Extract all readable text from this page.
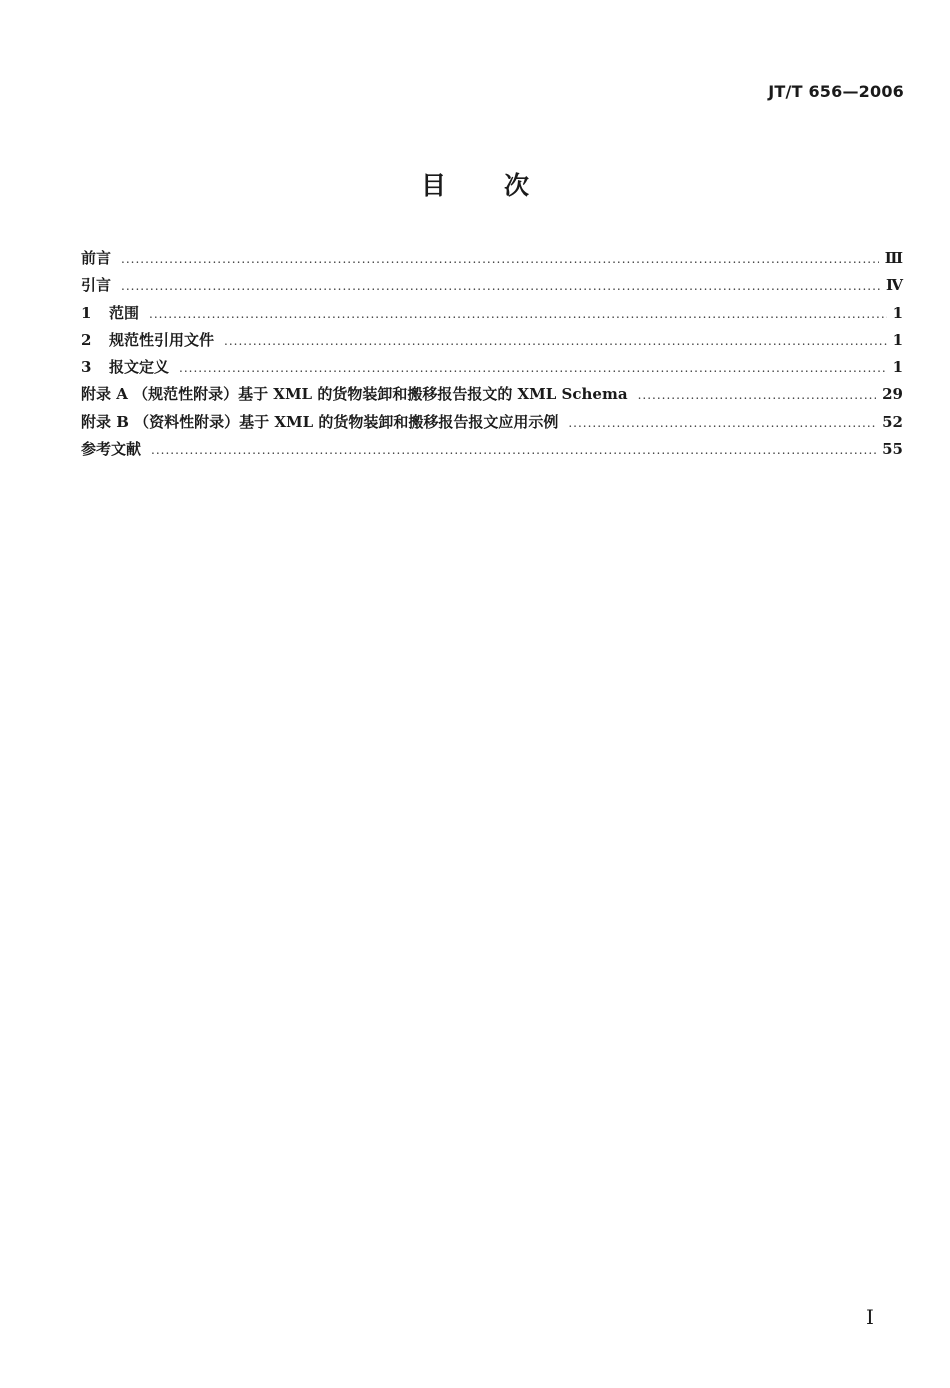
JT/T 656—2006
目次
前言 .....	Ⅲ
引言 .....	Ⅳ
1	范围 .....	1
2	规范性引用文件 .....	1
3	报文定义 .....	1
附录 A （规范性附录）基于 XML 的货物装卸和搬移报告报文的 XML Schema .....	29
附录 B （资料性附录）基于 XML 的货物装卸和搬移报告报文应用示例 .....	52
参考文献 .....	55
I
